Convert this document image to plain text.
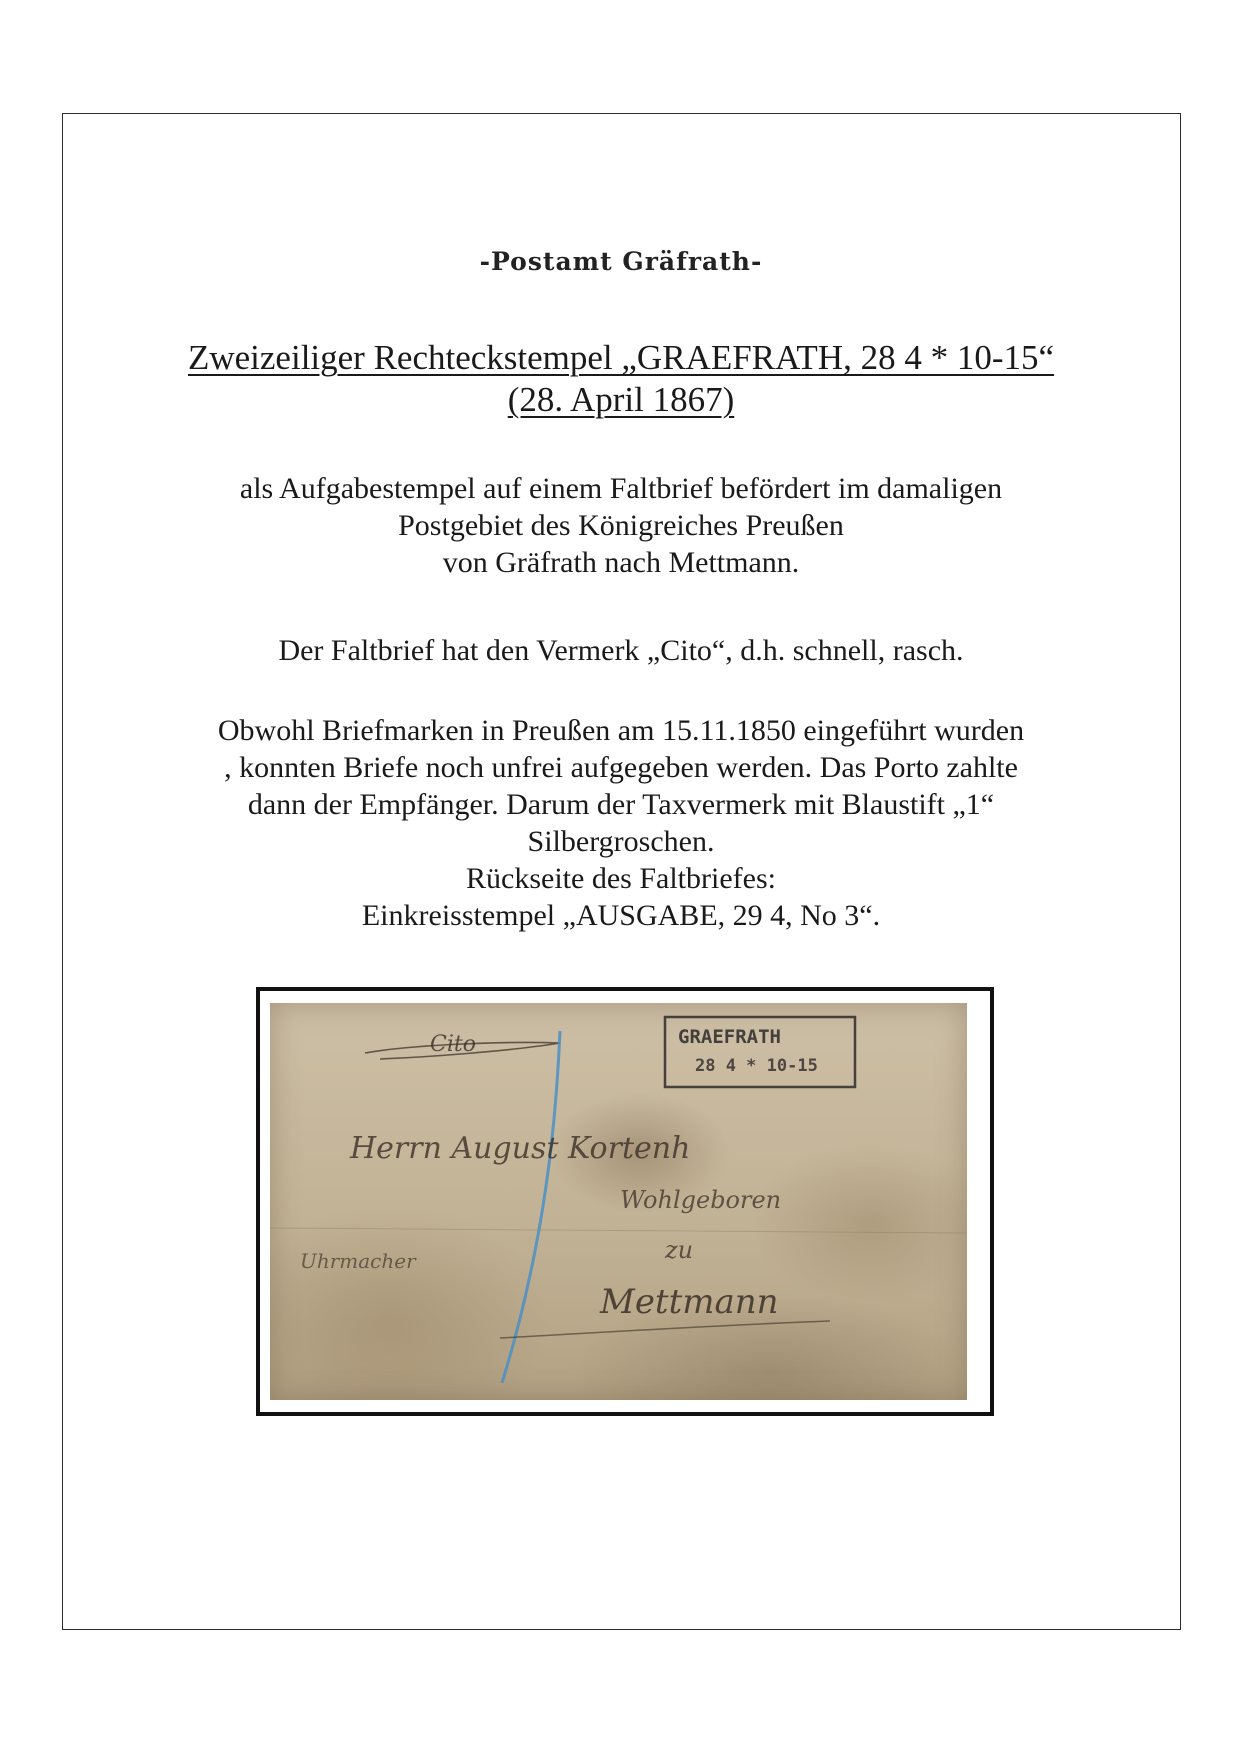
-Postamt Gräfrath-
Zweizeiliger Rechteckstempel „GRAEFRATH, 28 4 * 10-15“
(28. April 1867)
als Aufgabestempel auf einem Faltbrief befördert im damaligen
Postgebiet des Königreiches Preußen
von Gräfrath nach Mettmann.
Der Faltbrief hat den Vermerk „Cito“, d.h. schnell, rasch.
Obwohl Briefmarken in Preußen am 15.11.1850 eingeführt wurden
, konnten Briefe noch unfrei aufgegeben werden. Das Porto zahlte
dann der Empfänger. Darum der Taxvermerk mit Blaustift „1“
Silbergroschen.
Rückseite des Faltbriefes:
Einkreisstempel „AUSGABE, 29 4, No 3“.
GRAEFRATH
28 4 * 10-15
Cito
Herrn August Kortenh
Wohlgeboren
zu
Mettmann
Uhrmacher
